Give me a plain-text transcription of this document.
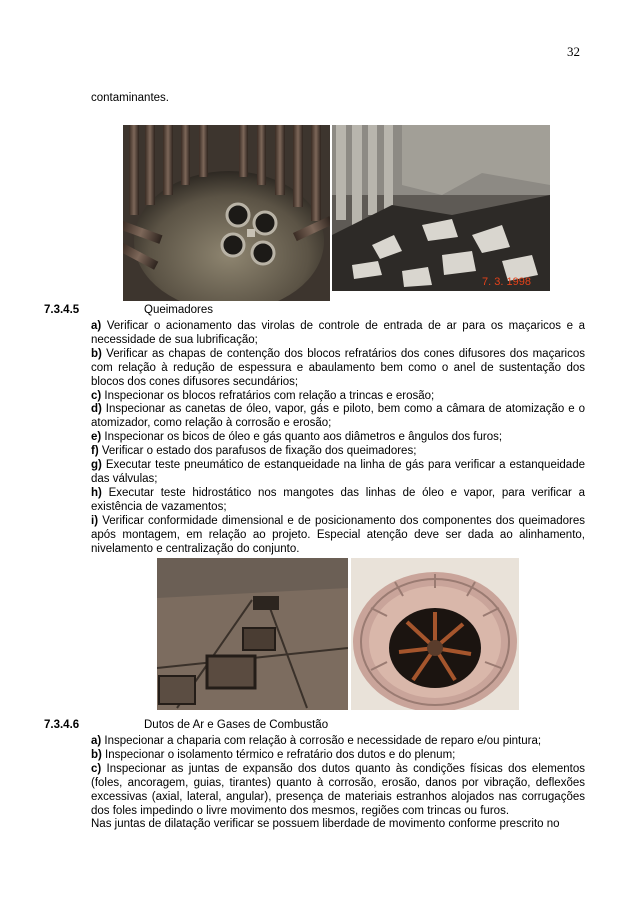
32
contaminantes.
7. 3. 1998
7.3.4.5	Queimadores

a) Verificar o acionamento das virolas de controle de entrada de ar para os maçaricos e a necessidade de sua lubrificação;

b) Verificar as chapas de contenção dos blocos refratários dos cones difusores dos maçaricos com relação à redução de espessura e abaulamento bem como o anel de sustentação dos blocos dos cones difusores secundários;

c) Inspecionar os blocos refratários com relação a trincas e erosão;

d) Inspecionar as canetas de óleo, vapor, gás e piloto, bem como a câmara de atomização e o atomizador, como relação à corrosão e erosão;

e) Inspecionar os bicos de óleo e gás quanto aos diâmetros e ângulos dos furos;

f) Verificar o estado dos parafusos de fixação dos queimadores;

g) Executar teste pneumático de estanqueidade na linha de gás para verificar a estanqueidade das válvulas;

h) Executar teste hidrostático nos mangotes das linhas de óleo e vapor, para verificar a existência de vazamentos;

i) Verificar conformidade dimensional e de posicionamento dos componentes dos queimadores após montagem, em relação ao projeto. Especial atenção deve ser dada ao alinhamento, nivelamento e centralização do conjunto.

7.3.4.6	Dutos de Ar e Gases de Combustão

a) Inspecionar a chaparia com relação à corrosão e necessidade de reparo e/ou pintura;

b) Inspecionar o isolamento térmico e refratário dos dutos e do plenum;

c) Inspecionar as juntas de expansão dos dutos quanto às condições físicas dos elementos (foles, ancoragem, guias, tirantes) quanto à corrosão, erosão, danos por vibração, deflexões excessivas (axial, lateral, angular), presença de materiais estranhos alojados nas corrugações dos foles impedindo o livre movimento dos mesmos, regiões com trincas ou furos.

Nas juntas de dilatação verificar se possuem liberdade de movimento conforme prescrito no
